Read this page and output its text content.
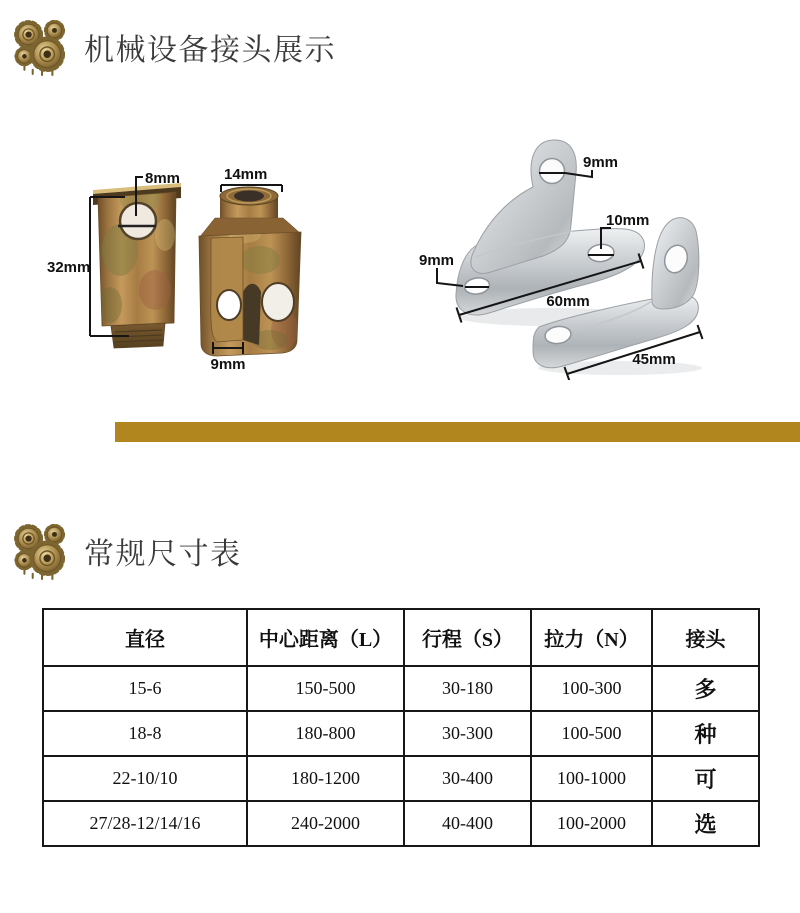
机械设备接头展示
8mm
32mm
14mm
9mm
9mm
10mm
9mm
60mm
45mm
常规尺寸表
直径	中心距离（L）	行程（S）	拉力（N）	接头
15-6	150-500	30-180	100-300	多
18-8	180-800	30-300	100-500	种
22-10/10	180-1200	30-400	100-1000	可
27/28-12/14/16	240-2000	40-400	100-2000	选
